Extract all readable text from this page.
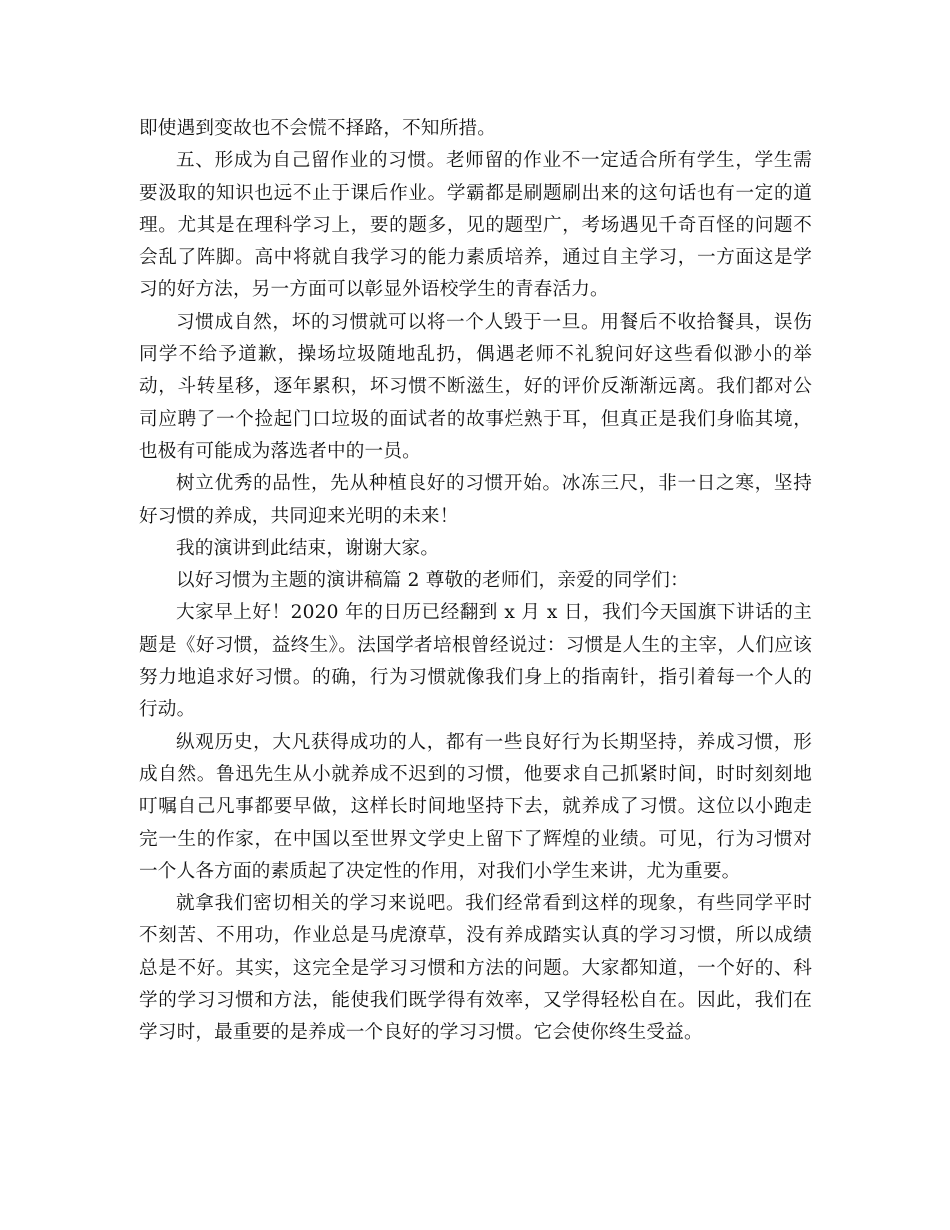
即使遇到变故也不会慌不择路，不知所措。

五、形成为自己留作业的习惯。老师留的作业不一定适合所有学生，学生需要汲取的知识也远不止于课后作业。学霸都是刷题刷出来的这句话也有一定的道理。尤其是在理科学习上，要的题多，见的题型广，考场遇见千奇百怪的问题不会乱了阵脚。高中将就自我学习的能力素质培养，通过自主学习，一方面这是学习的好方法，另一方面可以彰显外语校学生的青春活力。

习惯成自然，坏的习惯就可以将一个人毁于一旦。用餐后不收拾餐具，误伤同学不给予道歉，操场垃圾随地乱扔，偶遇老师不礼貌问好这些看似渺小的举动，斗转星移，逐年累积，坏习惯不断滋生，好的评价反渐渐远离。我们都对公司应聘了一个捡起门口垃圾的面试者的故事烂熟于耳，但真正是我们身临其境，也极有可能成为落选者中的一员。

树立优秀的品性，先从种植良好的习惯开始。冰冻三尺，非一日之寒，坚持好习惯的养成，共同迎来光明的未来！

我的演讲到此结束，谢谢大家。

以好习惯为主题的演讲稿篇 2 尊敬的老师们，亲爱的同学们：

大家早上好！2020 年的日历已经翻到 x 月 x 日，我们今天国旗下讲话的主题是《好习惯，益终生》。法国学者培根曾经说过：习惯是人生的主宰，人们应该努力地追求好习惯。的确，行为习惯就像我们身上的指南针，指引着每一个人的行动。

纵观历史，大凡获得成功的人，都有一些良好行为长期坚持，养成习惯，形成自然。鲁迅先生从小就养成不迟到的习惯，他要求自己抓紧时间，时时刻刻地叮嘱自己凡事都要早做，这样长时间地坚持下去，就养成了习惯。这位以小跑走完一生的作家，在中国以至世界文学史上留下了辉煌的业绩。可见，行为习惯对一个人各方面的素质起了决定性的作用，对我们小学生来讲，尤为重要。

就拿我们密切相关的学习来说吧。我们经常看到这样的现象，有些同学平时不刻苦、不用功，作业总是马虎潦草，没有养成踏实认真的学习习惯，所以成绩总是不好。其实，这完全是学习习惯和方法的问题。大家都知道，一个好的、科学的学习习惯和方法，能使我们既学得有效率，又学得轻松自在。因此，我们在学习时，最重要的是养成一个良好的学习习惯。它会使你终生受益。
